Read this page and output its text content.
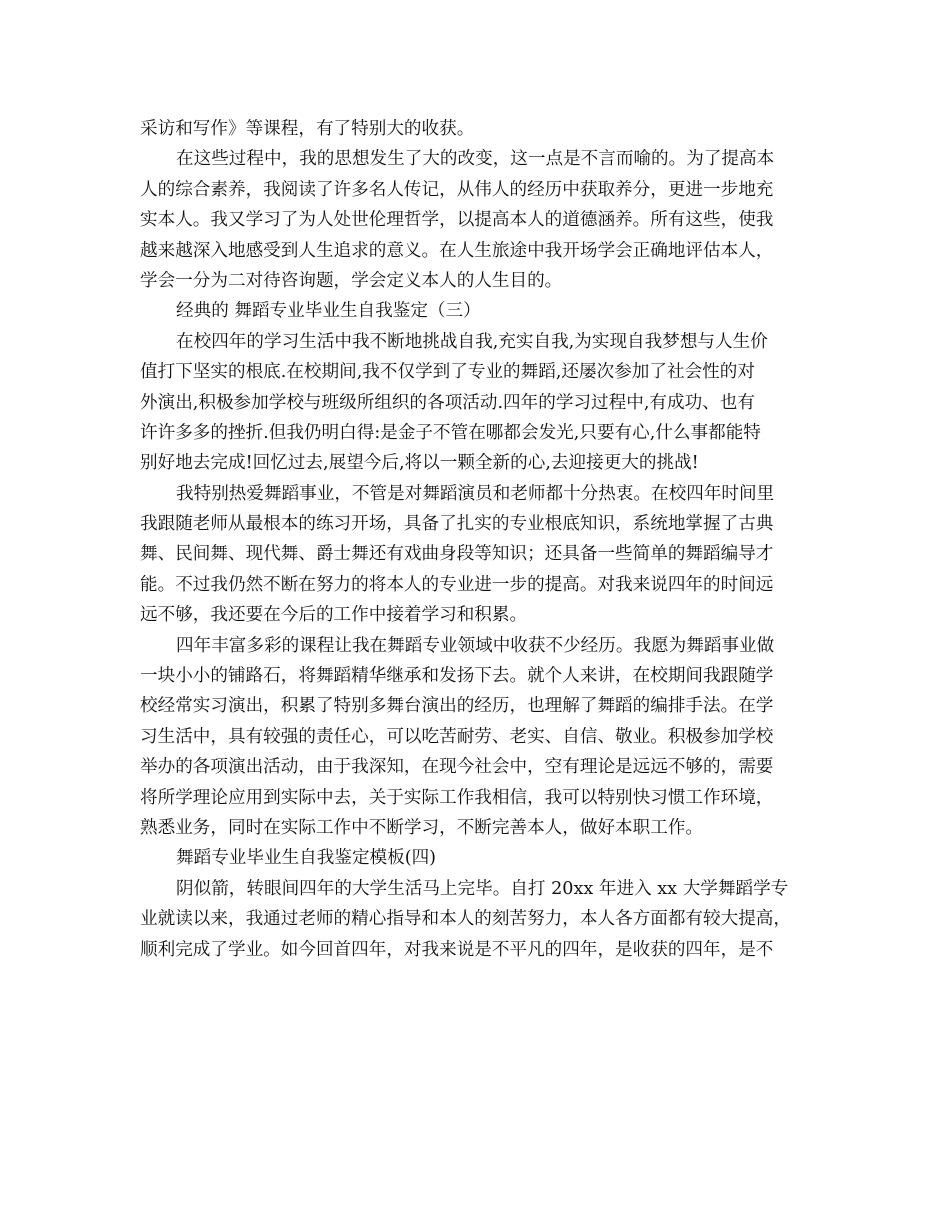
采访和写作》等课程，有了特别大的收获。
在这些过程中，我的思想发生了大的改变，这一点是不言而喻的。为了提高本
人的综合素养，我阅读了许多名人传记，从伟人的经历中获取养分，更进一步地充
实本人。我又学习了为人处世伦理哲学，以提高本人的道德涵养。所有这些，使我
越来越深入地感受到人生追求的意义。在人生旅途中我开场学会正确地评估本人，
学会一分为二对待咨询题，学会定义本人的人生目的。
经典的 舞蹈专业毕业生自我鉴定（三）
在校四年的学习生活中我不断地挑战自我,充实自我,为实现自我梦想与人生价
值打下坚实的根底.在校期间,我不仅学到了专业的舞蹈,还屡次参加了社会性的对
外演出,积极参加学校与班级所组织的各项活动.四年的学习过程中,有成功、也有
许许多多的挫折.但我仍明白得:是金子不管在哪都会发光,只要有心,什么事都能特
别好地去完成!回忆过去,展望今后,将以一颗全新的心,去迎接更大的挑战!
我特别热爱舞蹈事业，不管是对舞蹈演员和老师都十分热衷。在校四年时间里
我跟随老师从最根本的练习开场，具备了扎实的专业根底知识，系统地掌握了古典
舞、民间舞、现代舞、爵士舞还有戏曲身段等知识；还具备一些简单的舞蹈编导才
能。不过我仍然不断在努力的将本人的专业进一步的提高。对我来说四年的时间远
远不够，我还要在今后的工作中接着学习和积累。
四年丰富多彩的课程让我在舞蹈专业领域中收获不少经历。我愿为舞蹈事业做
一块小小的铺路石，将舞蹈精华继承和发扬下去。就个人来讲，在校期间我跟随学
校经常实习演出，积累了特别多舞台演出的经历，也理解了舞蹈的编排手法。在学
习生活中，具有较强的责任心，可以吃苦耐劳、老实、自信、敬业。积极参加学校
举办的各项演出活动，由于我深知，在现今社会中，空有理论是远远不够的，需要
将所学理论应用到实际中去，关于实际工作我相信，我可以特别快习惯工作环境，
熟悉业务，同时在实际工作中不断学习，不断完善本人，做好本职工作。
舞蹈专业毕业生自我鉴定模板(四)
阴似箭，转眼间四年的大学生活马上完毕。自打 20xx 年进入 xx 大学舞蹈学专
业就读以来，我通过老师的精心指导和本人的刻苦努力，本人各方面都有较大提高，
顺利完成了学业。如今回首四年，对我来说是不平凡的四年，是收获的四年，是不
